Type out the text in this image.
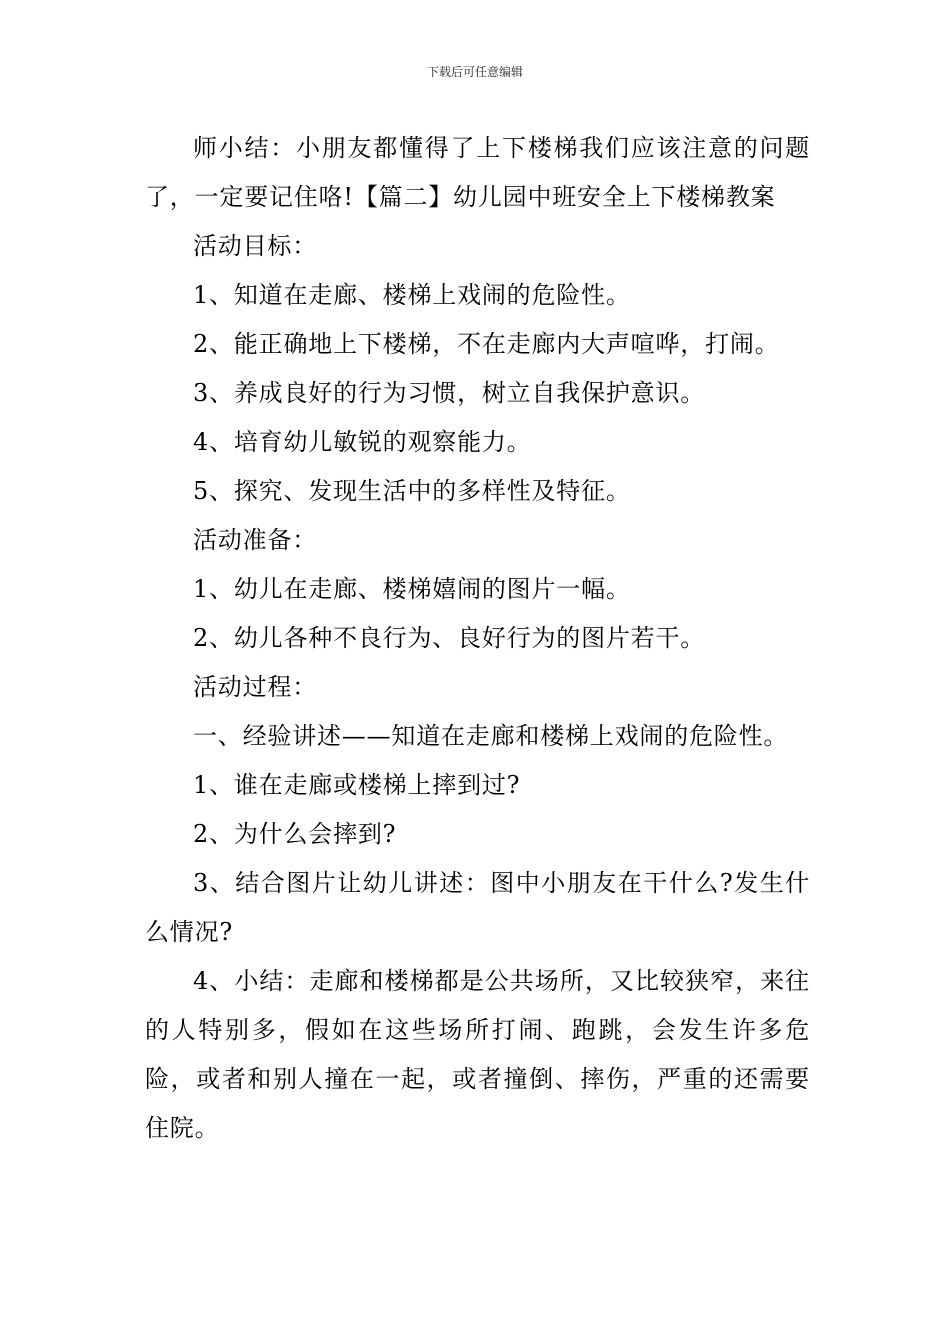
下载后可任意编辑

师小结：小朋友都懂得了上下楼梯我们应该注意的问题了，一定要记住咯!【篇二】幼儿园中班安全上下楼梯教案

活动目标：

1、知道在走廊、楼梯上戏闹的危险性。

2、能正确地上下楼梯，不在走廊内大声喧哗，打闹。

3、养成良好的行为习惯，树立自我保护意识。

4、培育幼儿敏锐的观察能力。

5、探究、发现生活中的多样性及特征。

活动准备：

1、幼儿在走廊、楼梯嬉闹的图片一幅。

2、幼儿各种不良行为、良好行为的图片若干。

活动过程：

一、经验讲述——知道在走廊和楼梯上戏闹的危险性。

1、谁在走廊或楼梯上摔到过?

2、为什么会摔到?

3、结合图片让幼儿讲述：图中小朋友在干什么?发生什么情况?

4、小结：走廊和楼梯都是公共场所，又比较狭窄，来往的人特别多，假如在这些场所打闹、跑跳，会发生许多危险，或者和别人撞在一起，或者撞倒、摔伤，严重的还需要住院。
